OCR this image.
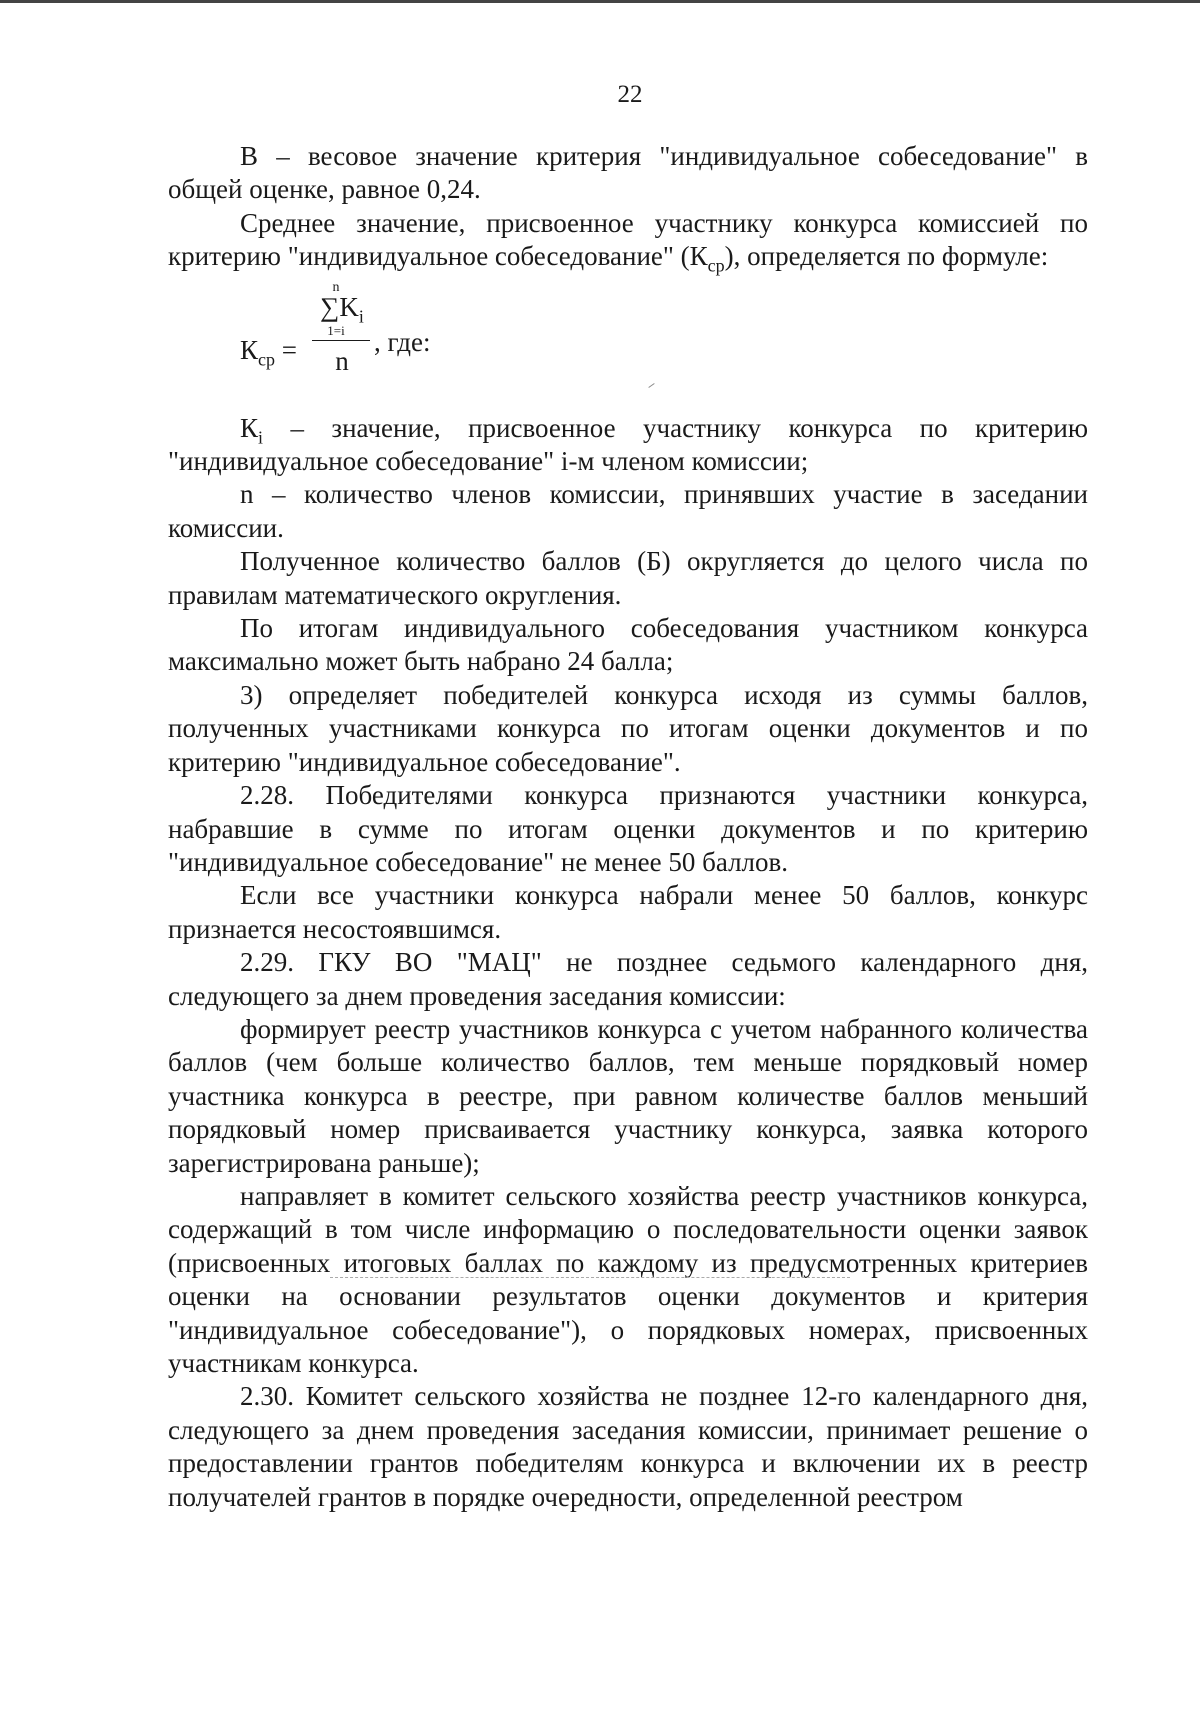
22

В – весовое значение критерия "индивидуальное собеседование" в общей оценке, равное 0,24.

Среднее значение, присвоенное участнику конкурса комиссией по критерию "индивидуальное собеседование" $(К_{ср})$, определяется по формуле:

$К_{ср}$ =
n
$\sum K_i$
1=i
n
, где:

$К_i$ – значение, присвоенное участнику конкурса по критерию "индивидуальное собеседование" i-м членом комиссии;

n – количество членов комиссии, принявших участие в заседании комиссии.

Полученное количество баллов (Б) округляется до целого числа по правилам математического округления.

По итогам индивидуального собеседования участником конкурса максимально может быть набрано 24 балла;

3) определяет победителей конкурса исходя из суммы баллов, полученных участниками конкурса по итогам оценки документов и по критерию "индивидуальное собеседование".

2.28. Победителями конкурса признаются участники конкурса, набравшие в сумме по итогам оценки документов и по критерию "индивидуальное собеседование" не менее 50 баллов.

Если все участники конкурса набрали менее 50 баллов, конкурс признается несостоявшимся.

2.29. ГКУ ВО "МАЦ" не позднее седьмого календарного дня, следующего за днем проведения заседания комиссии:

формирует реестр участников конкурса с учетом набранного количества баллов (чем больше количество баллов, тем меньше порядковый номер участника конкурса в реестре, при равном количестве баллов меньший порядковый номер присваивается участнику конкурса, заявка которого зарегистрирована раньше);

направляет в комитет сельского хозяйства реестр участников конкурса, содержащий в том числе информацию о последовательности оценки заявок (присвоенных итоговых баллах по каждому из предусмотренных критериев оценки на основании результатов оценки документов и критерия "индивидуальное собеседование"), о порядковых номерах, присвоенных участникам конкурса.

2.30. Комитет сельского хозяйства не позднее 12-го календарного дня, следующего за днем проведения заседания комиссии, принимает решение о предоставлении грантов победителям конкурса и включении их в реестр получателей грантов в порядке очередности, определенной реестром
